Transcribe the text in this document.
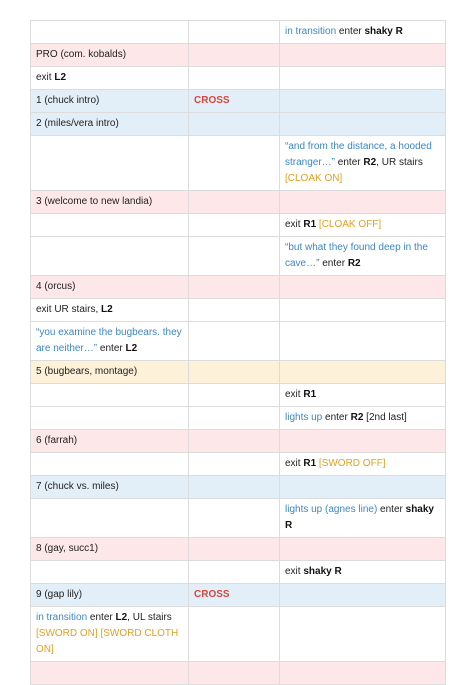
		in transition enter shaky R
PRO (com. kobalds)		
exit L2		
1 (chuck intro)	CROSS	
2 (miles/vera intro)		
		“and from the distance, a hooded stranger…” enter R2, UR stairs [CLOAK ON]
3 (welcome to new landia)		
		exit R1 [CLOAK OFF]
		“but what they found deep in the cave…” enter R2
4 (orcus)		
exit UR stairs, L2		
“you examine the bugbears. they are neither…” enter L2		
5 (bugbears, montage)		
		exit R1
		lights up enter R2 [2nd last]
6 (farrah)		
		exit R1 [SWORD OFF]
7 (chuck vs. miles)		
		lights up (agnes line) enter shaky R
8 (gay, succ1)		
		exit shaky R
9 (gap lily)	CROSS	
in transition enter L2, UL stairs [SWORD ON] [SWORD CLOTH ON]		
